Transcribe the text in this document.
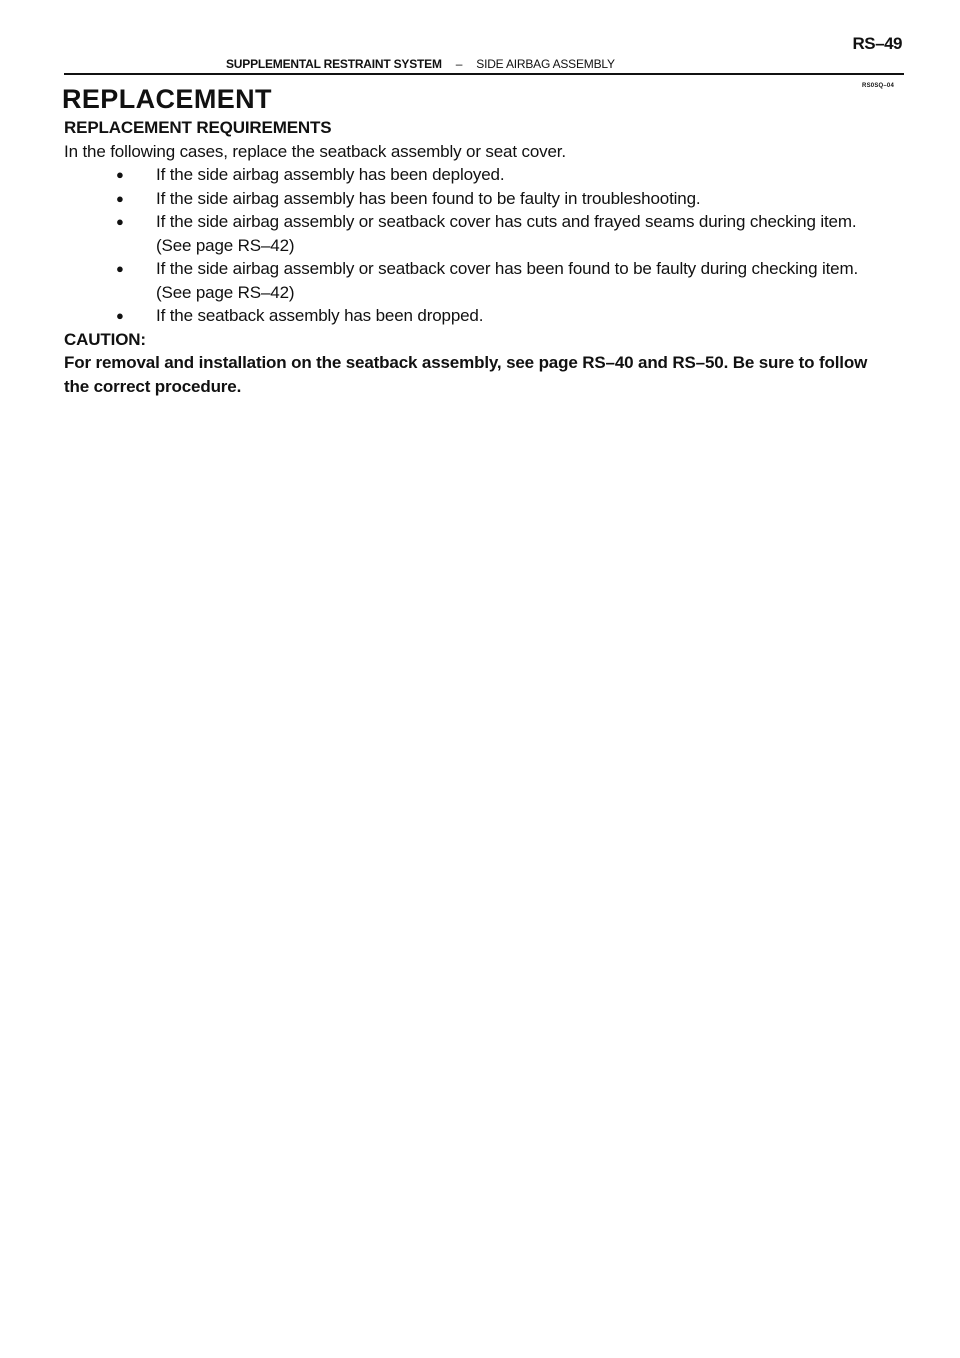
RS–49
SUPPLEMENTAL RESTRAINT SYSTEM – SIDE AIRBAG ASSEMBLY
RS0SQ–04
REPLACEMENT
REPLACEMENT REQUIREMENTS

In the following cases, replace the seatback assembly or seat cover.

● If the side airbag assembly has been deployed.
● If the side airbag assembly has been found to be faulty in troubleshooting.
● If the side airbag assembly or seatback cover has cuts and frayed seams during checking item.
(See page RS–42)
● If the side airbag assembly or seatback cover has been found to be faulty during checking item.
(See page RS–42)
● If the seatback assembly has been dropped.

CAUTION:

For removal and installation on the seatback assembly, see page RS–40 and RS–50. Be sure to follow
the correct procedure.
